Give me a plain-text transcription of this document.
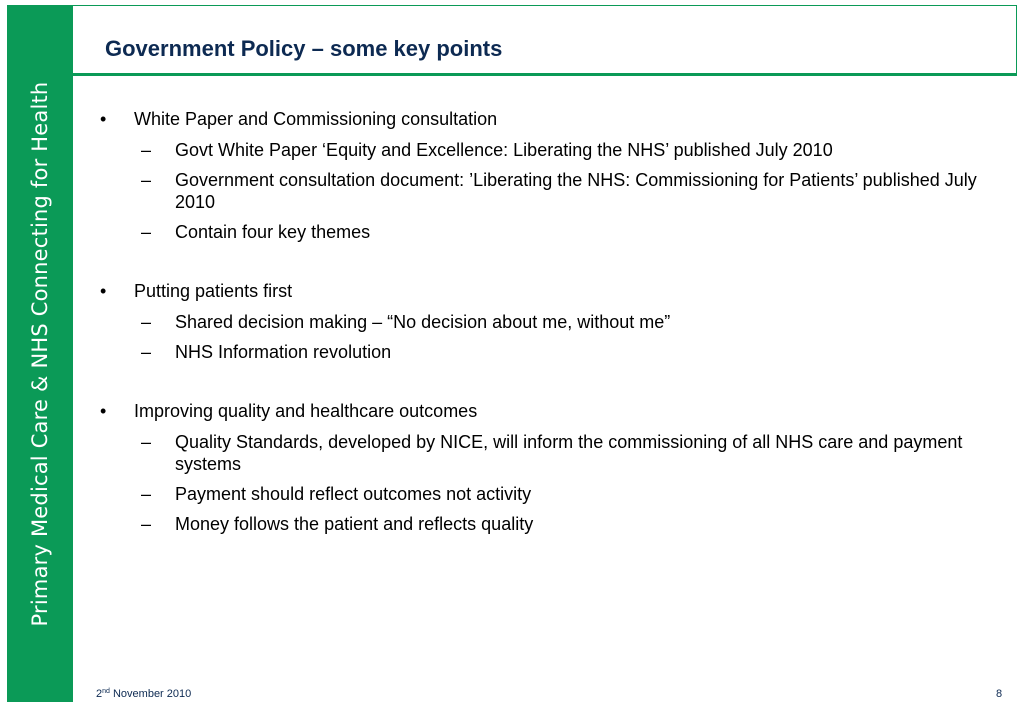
Primary Medical Care & NHS Connecting for Health
Government Policy – some key points
• White Paper and Commissioning consultation
– Govt White Paper ‘Equity and Excellence: Liberating the NHS’ published July 2010
– Government consultation document: ’Liberating the NHS: Commissioning for Patients’ published July 2010
– Contain four key themes
• Putting patients first
– Shared decision making – “No decision about me, without me”
– NHS Information revolution
• Improving quality and healthcare outcomes
– Quality Standards, developed by NICE, will inform the commissioning of all NHS care and payment systems
– Payment should reflect outcomes not activity
– Money follows the patient and reflects quality
2nd November 2010	8
